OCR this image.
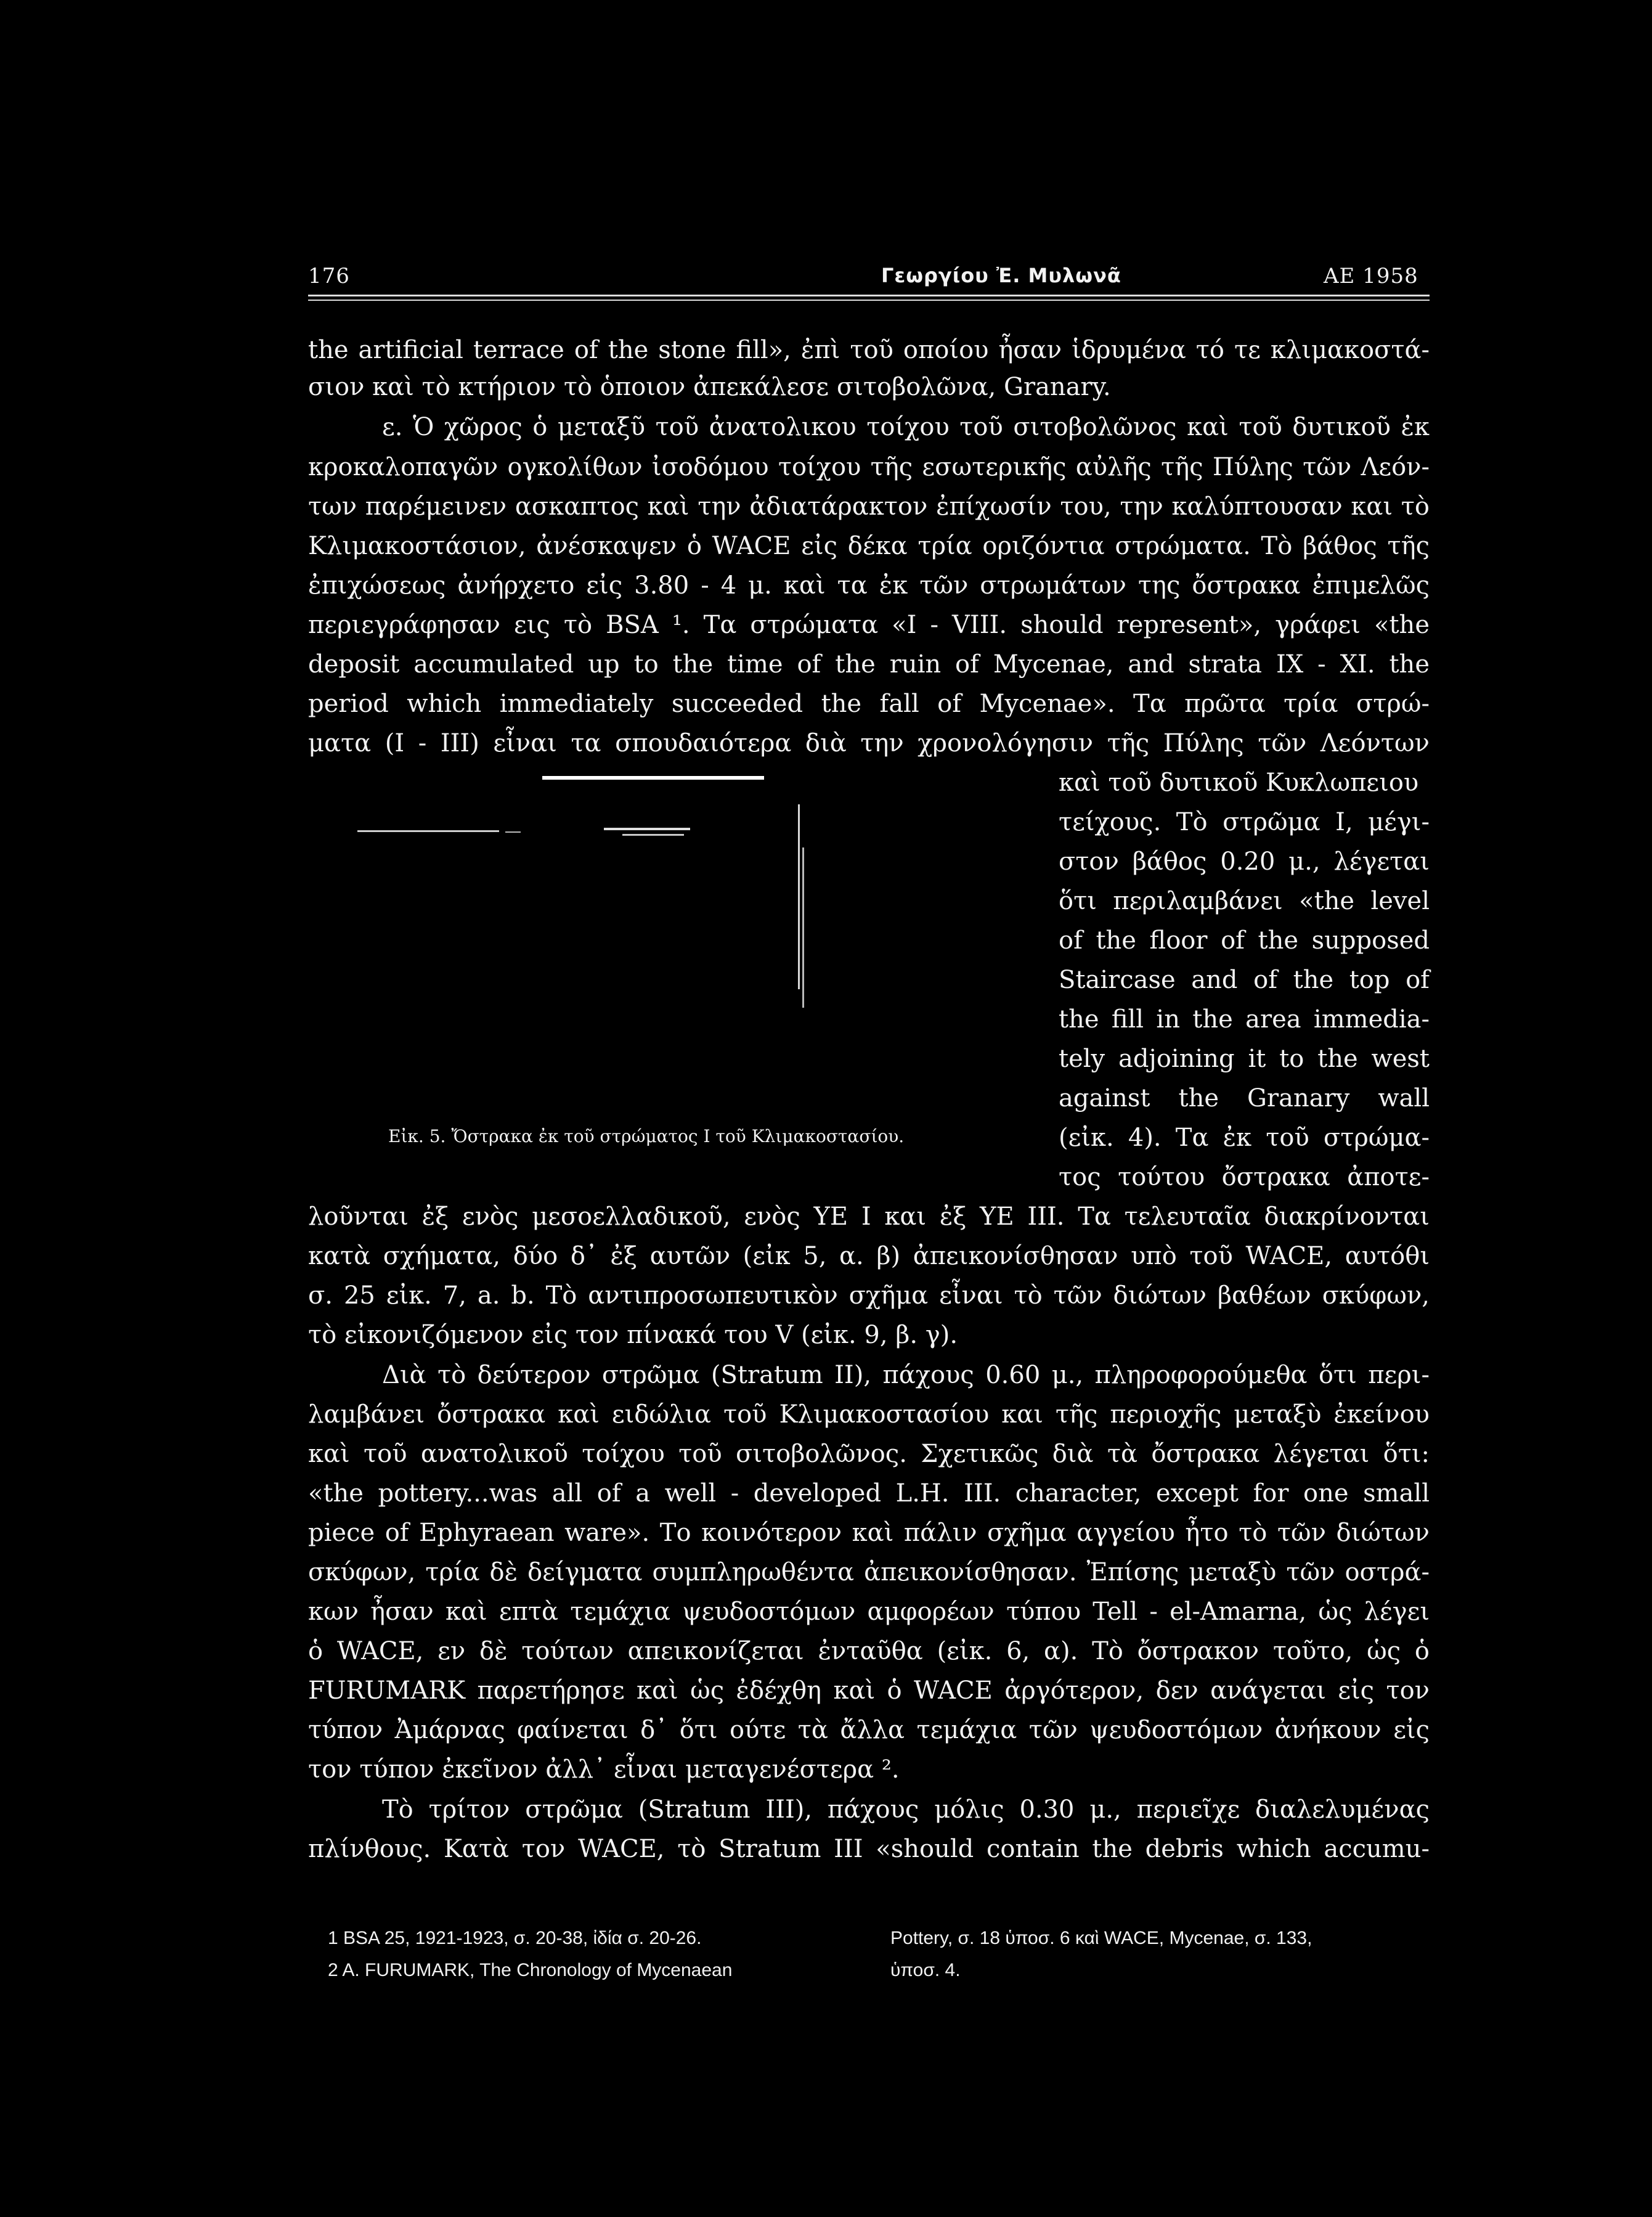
176	Γεωργίου Ἐ. Μυλωνᾶ	ΑΕ 1958
the artificial terrace of the stone fill», ἐπὶ τοῦ οποίου ἦσαν ἱδρυμένα τό τε κλιμακοστά-
σιον καὶ τὸ κτήριον τὸ ὁποιον ἀπεκάλεσε σιτοβολῶνα, Granary.
ε. Ὁ χῶρος ὁ μεταξῦ τοῦ ἀνατολικου τοίχου τοῦ σιτοβολῶνος καὶ τοῦ δυτικοῦ ἐκ
κροκαλοπαγῶν ογκολίθων ἰσοδόμου τοίχου τῆς εσωτερικῆς αὐλῆς τῆς Πύλης τῶν Λεόν-
των παρέμεινεν ασκαπτος καὶ την ἀδιατάρακτον ἐπίχωσίν του, την καλύπτουσαν και τὸ
Κλιμακοστάσιον, ἀνέσκαψεν ὁ WACE εἰς δέκα τρία οριζόντια στρώματα. Τὸ βάθος τῆς
ἐπιχώσεως ἀνήρχετο εἰς 3.80 - 4 μ. καὶ τα ἐκ τῶν στρωμάτων της ὄστρακα ἐπιμελῶς
περιεγράφησαν εις τὸ BSA ¹. Τα στρώματα «I - VIII. should represent», γράφει «the
deposit accumulated up to the time of the ruin of Mycenae, and strata IX - XI. the
period which immediately succeeded the fall of Mycenae». Τα πρῶτα τρία στρώ-
ματα (I - III) εἶναι τα σπουδαιότερα διὰ την χρονολόγησιν τῆς Πύλης τῶν Λεόντων
Εἰκ. 5. Ὄστρακα ἐκ τοῦ στρώματος I τοῦ Κλιμακοστασίου.
καὶ τοῦ δυτικοῦ Κυκλωπειου
τείχους. Τὸ στρῶμα I, μέγι-
στον βάθος 0.20 μ., λέγεται
ὅτι περιλαμβάνει «the level
of the floor of the supposed
Staircase and of the top of
the fill in the area immedia-
tely adjoining it to the west
against the Granary wall
(εἰκ. 4). Τα ἐκ τοῦ στρώμα-
τος τούτου ὄστρακα ἀποτε-
λοῦνται ἐξ ενὸς μεσοελλαδικοῦ, ενὸς ΥΕ I και ἐξ ΥΕ III. Τα τελευταῖα διακρίνονται
κατὰ σχήματα, δύο δ᾽ ἐξ αυτῶν (εἰκ 5, α. β) ἀπεικονίσθησαν υπὸ τοῦ WACE, αυτόθι
σ. 25 εἰκ. 7, a. b. Τὸ αντιπροσωπευτικὸν σχῆμα εἶναι τὸ τῶν διώτων βαθέων σκύφων,
τὸ εἰκονιζόμενον εἰς τον πίνακά του V (εἰκ. 9, β. γ).
Διὰ τὸ δεύτερον στρῶμα (Stratum II), πάχους 0.60 μ., πληροφορούμεθα ὅτι περι-
λαμβάνει ὄστρακα καὶ ειδώλια τοῦ Κλιμακοστασίου και τῆς περιοχῆς μεταξὺ ἐκείνου
καὶ τοῦ ανατολικοῦ τοίχου τοῦ σιτοβολῶνος. Σχετικῶς διὰ τὰ ὄστρακα λέγεται ὅτι:
«the pottery...was all of a well - developed L.H. III. character, except for one small
piece of Ephyraean ware». Το κοινότερον καὶ πάλιν σχῆμα αγγείου ἦτο τὸ τῶν διώτων
σκύφων, τρία δὲ δείγματα συμπληρωθέντα ἀπεικονίσθησαν. Ἐπίσης μεταξὺ τῶν οστρά-
κων ἦσαν καὶ επτὰ τεμάχια ψευδοστόμων αμφορέων τύπου Tell - el-Amarna, ὡς λέγει
ὁ WACE, εν δὲ τούτων απεικονίζεται ἐνταῦθα (εἰκ. 6, α). Τὸ ὄστρακον τοῦτο, ὡς ὁ
FURUMARK παρετήρησε καὶ ὡς ἐδέχθη καὶ ὁ WACE ἀργότερον, δεν ανάγεται εἰς τον
τύπον Ἀμάρνας φαίνεται δ᾽ ὅτι ούτε τὰ ἄλλα τεμάχια τῶν ψευδοστόμων ἀνήκουν εἰς
τον τύπον ἐκεῖνον ἀλλ᾽ εἶναι μεταγενέστερα ².
Τὸ τρίτον στρῶμα (Stratum III), πάχους μόλις 0.30 μ., περιεῖχε διαλελυμένας
πλίνθους. Κατὰ τον WACE, τὸ Stratum III «should contain the debris which accumu-
1 BSA 25, 1921-1923, σ. 20-38, ἰδία σ. 20-26.	Pottery, σ. 18 ὑποσ. 6 καὶ WACE, Mycenae, σ. 133,
2 A. FURUMARK, The Chronology of Mycenaean	ὑποσ. 4.
